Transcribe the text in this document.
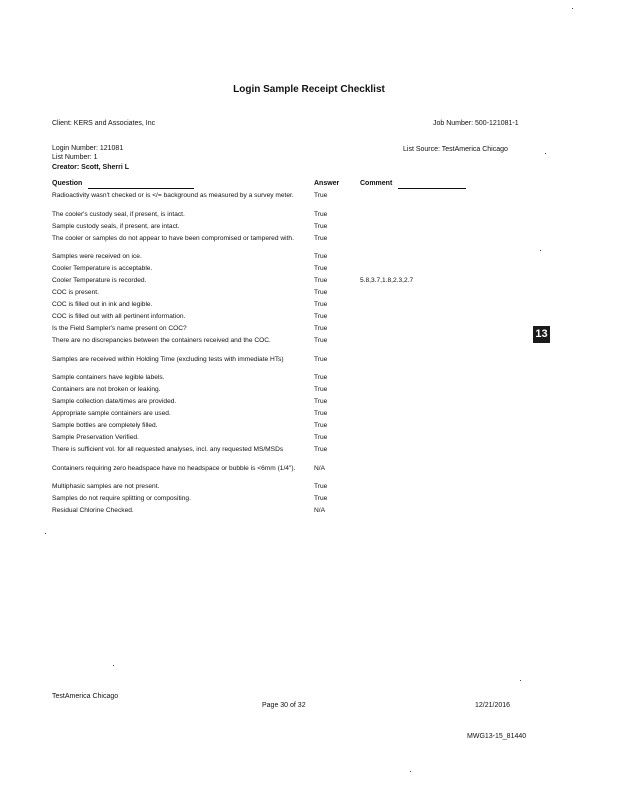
Login Sample Receipt Checklist
Client: KERS and Associates, Inc	Job Number: 500-121081-1
Login Number: 121081
List Number: 1
Creator: Scott, Sherri L
List Source: TestAmerica Chicago
Question	Answer	Comment
Radioactivity wasn't checked or is </= background as measured by a survey meter.	True
The cooler's custody seal, if present, is intact.	True
Sample custody seals, if present, are intact.	True
The cooler or samples do not appear to have been compromised or tampered with.	True
Samples were received on ice.	True
Cooler Temperature is acceptable.	True
Cooler Temperature is recorded.	True	5.8,3.7,1.8,2.3,2.7
COC is present.	True
COC is filled out in ink and legible.	True
COC is filled out with all pertinent information.	True
Is the Field Sampler's name present on COC?	True
There are no discrepancies between the containers received and the COC.	True
Samples are received within Holding Time (excluding tests with immediate HTs)	True
Sample containers have legible labels.	True
Containers are not broken or leaking.	True
Sample collection date/times are provided.	True
Appropriate sample containers are used.	True
Sample bottles are completely filled.	True
Sample Preservation Verified.	True
There is sufficient vol. for all requested analyses, incl. any requested MS/MSDs	True
Containers requiring zero headspace have no headspace or bubble is <6mm (1/4").	N/A
Multiphasic samples are not present.	True
Samples do not require splitting or compositing.	True
Residual Chlorine Checked.	N/A
13
TestAmerica Chicago
Page 30 of 32	12/21/2016
MWG13-15_81440
